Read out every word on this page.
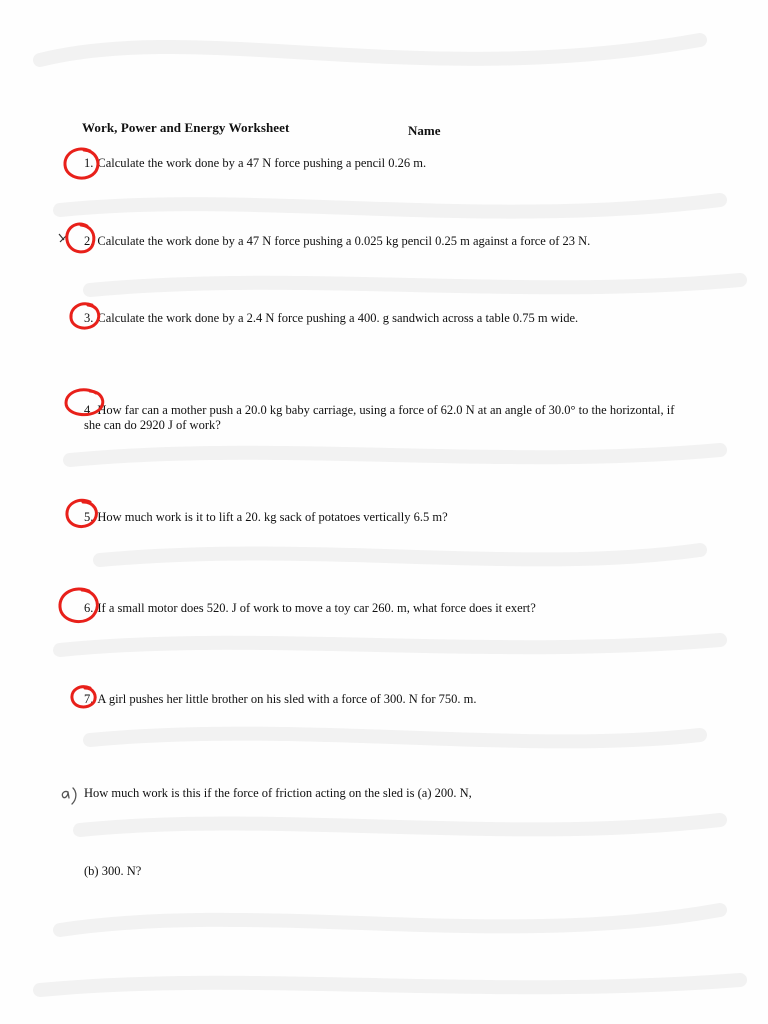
Work, Power and Energy Worksheet	Name
1. Calculate the work done by a 47 N force pushing a pencil 0.26 m.
2. Calculate the work done by a 47 N force pushing a 0.025 kg pencil 0.25 m against a force of 23 N.
3. Calculate the work done by a 2.4 N force pushing a 400. g sandwich across a table 0.75 m wide.
4. How far can a mother push a 20.0 kg baby carriage, using a force of 62.0 N at an angle of 30.0° to the horizontal, if she can do 2920 J of work?
5. How much work is it to lift a 20. kg sack of potatoes vertically 6.5 m?
6. If a small motor does 520. J of work to move a toy car 260. m, what force does it exert?
7. A girl pushes her little brother on his sled with a force of 300. N for 750. m.
How much work is this if the force of friction acting on the sled is (a) 200. N,
(b) 300. N?
